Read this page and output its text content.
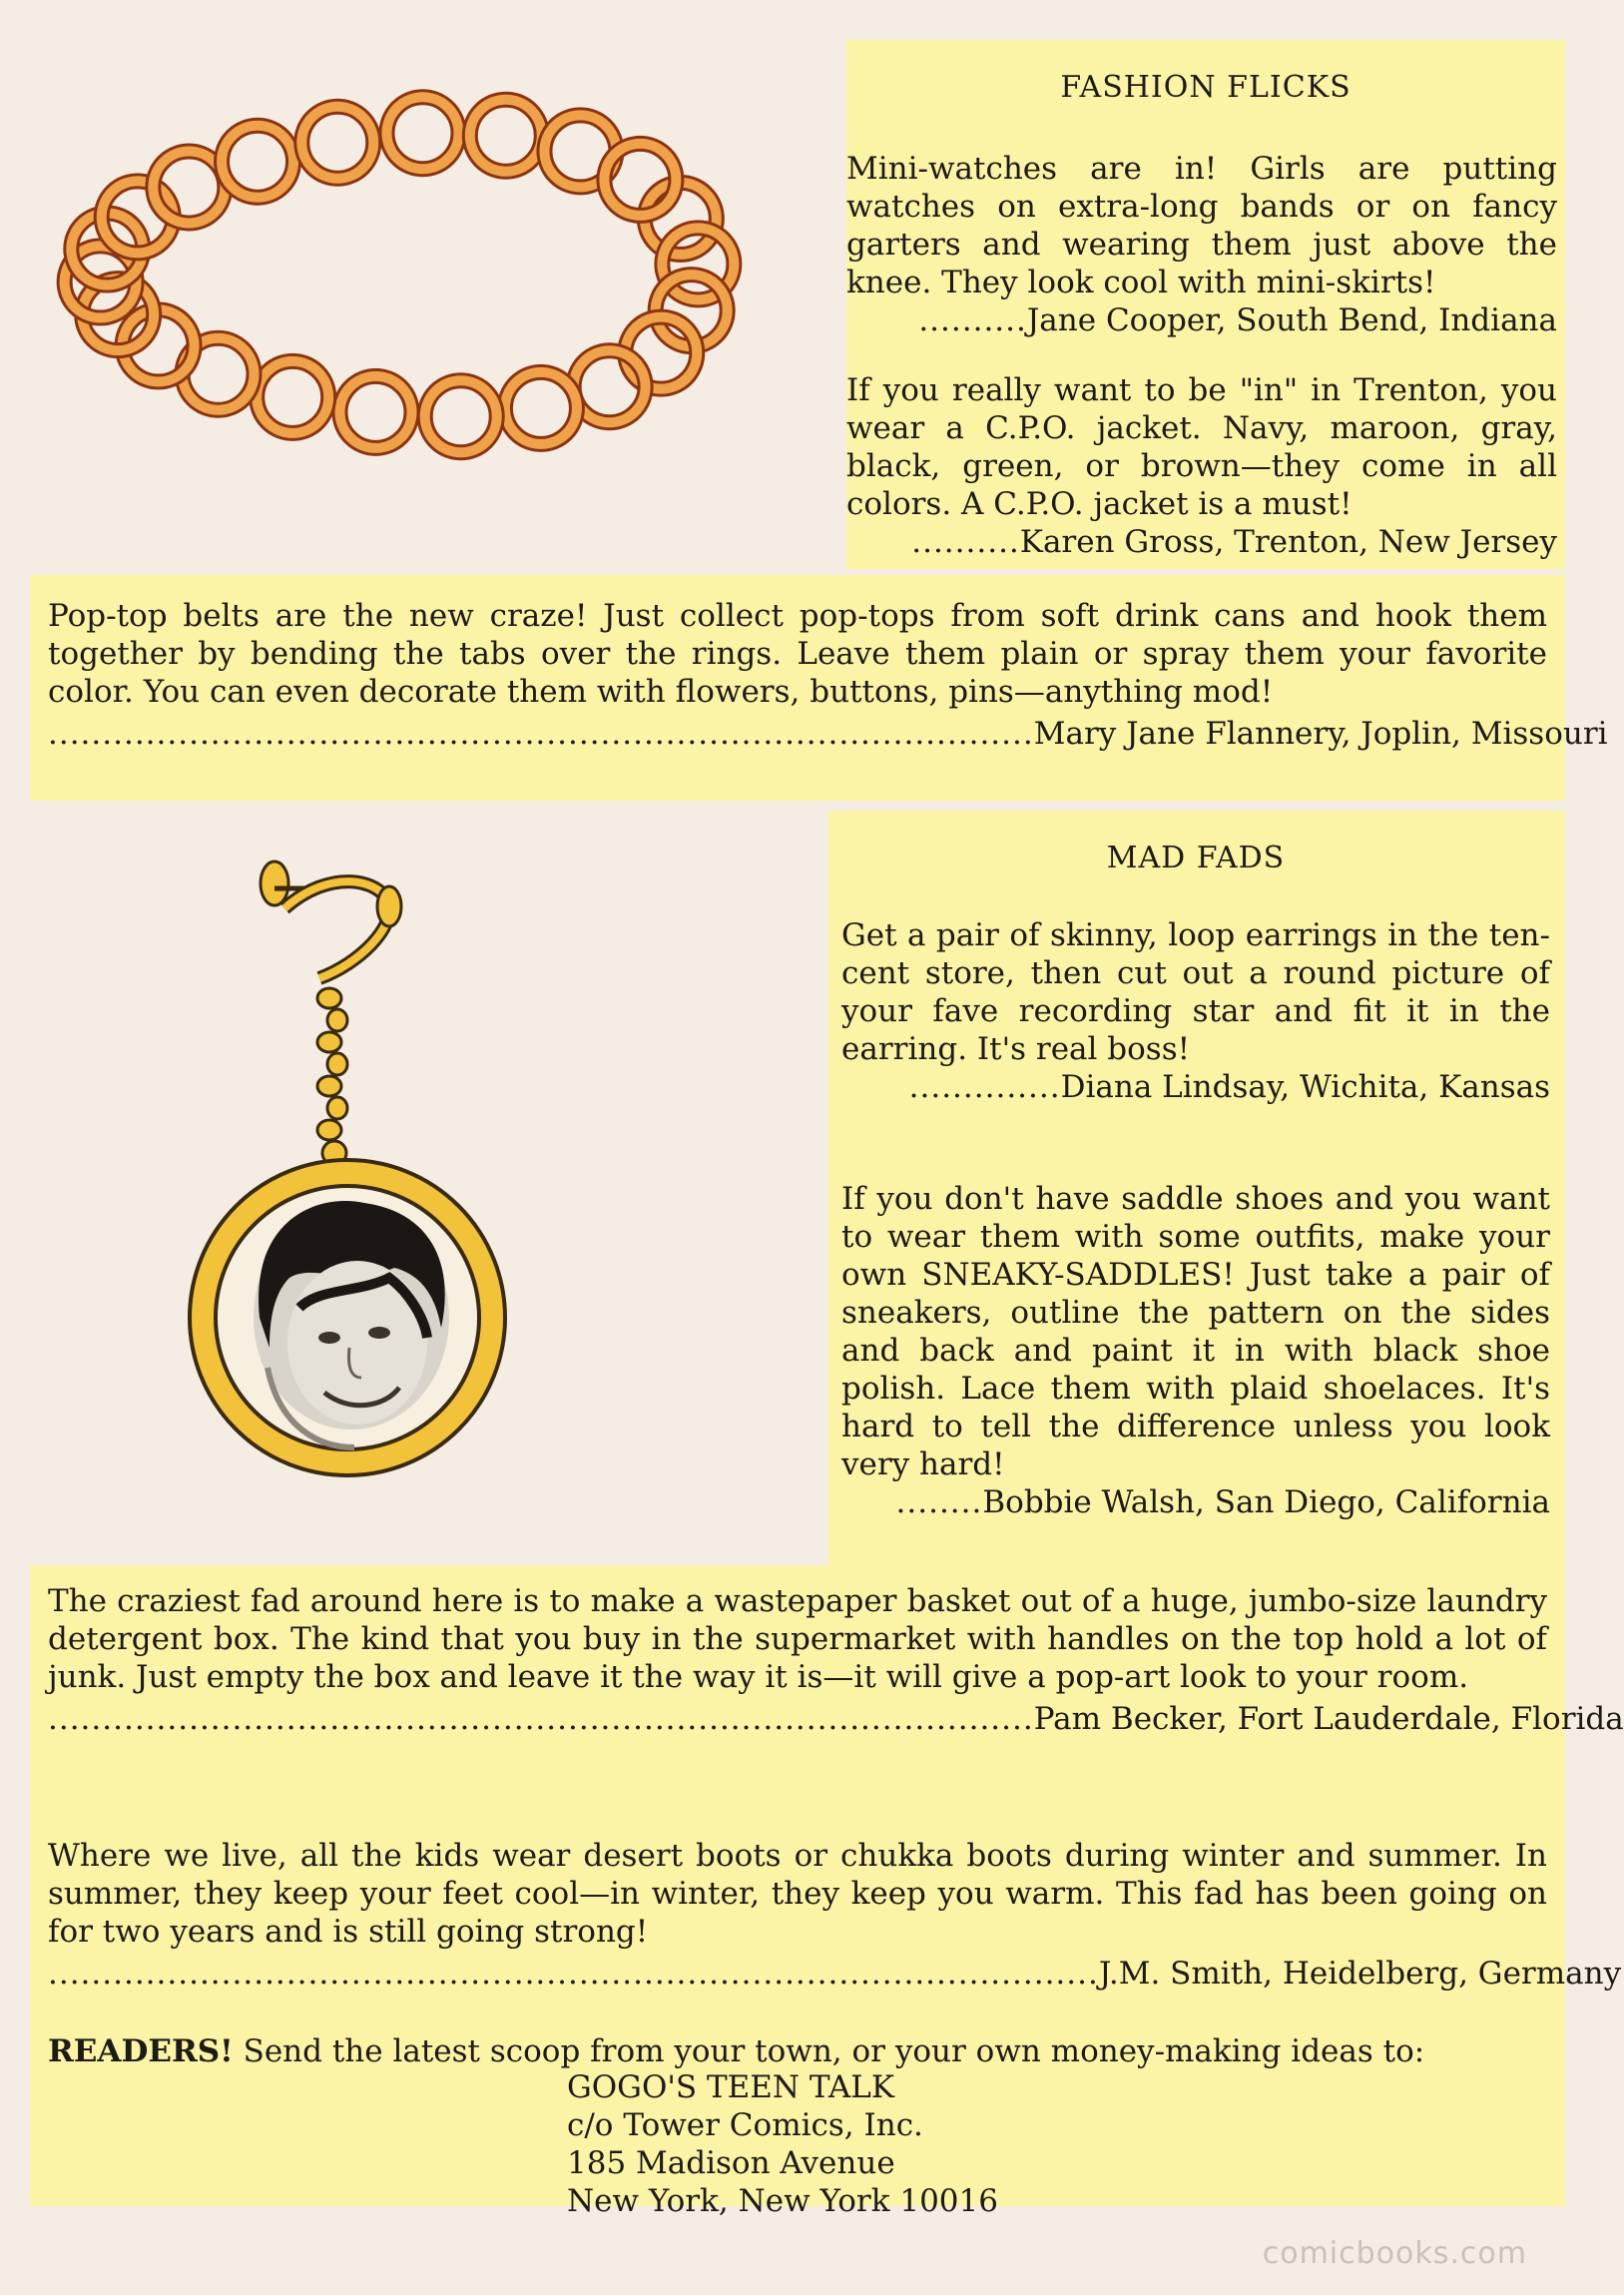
FASHION FLICKS

Mini-watches are in! Girls are putting watches on extra-long bands or on fancy garters and wearing them just above the knee. They look cool with mini-skirts!

..........Jane Cooper, South Bend, Indiana

If you really want to be "in" in Trenton, you wear a C.P.O. jacket. Navy, maroon, gray, black, green, or brown—they come in all colors. A C.P.O. jacket is a must!

..........Karen Gross, Trenton, New Jersey

Pop-top belts are the new craze! Just collect pop-tops from soft drink cans and hook them together by bending the tabs over the rings. Leave them plain or spray them your favorite color. You can even decorate them with flowers, buttons, pins—anything mod!

...........................................................................................Mary Jane Flannery, Joplin, Missouri
MAD FADS

Get a pair of skinny, loop earrings in the ten-cent store, then cut out a round picture of your fave recording star and fit it in the earring. It's real boss!

..............Diana Lindsay, Wichita, Kansas

If you don't have saddle shoes and you want to wear them with some outfits, make your own SNEAKY-SADDLES! Just take a pair of sneakers, outline the pattern on the sides and back and paint it in with black shoe polish. Lace them with plaid shoelaces. It's hard to tell the difference unless you look very hard!

........Bobbie Walsh, San Diego, California

The craziest fad around here is to make a wastepaper basket out of a huge, jumbo-size laundry detergent box. The kind that you buy in the supermarket with handles on the top hold a lot of junk. Just empty the box and leave it the way it is—it will give a pop-art look to your room.

...........................................................................................Pam Becker, Fort Lauderdale, Florida

Where we live, all the kids wear desert boots or chukka boots during winter and summer. In summer, they keep your feet cool—in winter, they keep you warm. This fad has been going on for two years and is still going strong!

.................................................................................................J.M. Smith, Heidelberg, Germany
READERS! Send the latest scoop from your town, or your own money-making ideas to:
GOGO'S TEEN TALK
c/o Tower Comics, Inc.
185 Madison Avenue
New York, New York 10016
comicbooks.com
